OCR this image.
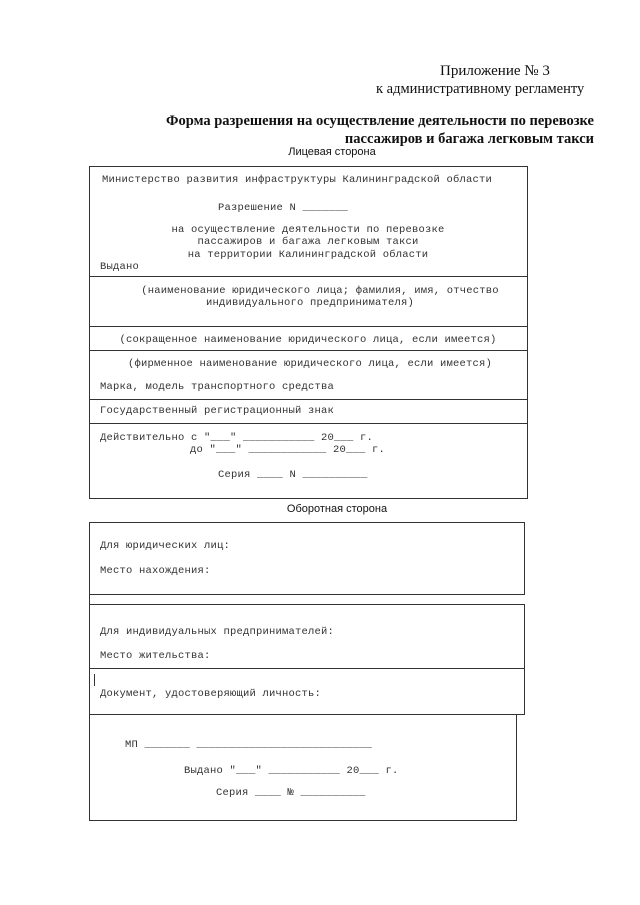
Приложение № 3
к административному регламенту
Форма разрешения на осуществление деятельности по перевозке
пассажиров и багажа легковым такси
Лицевая сторона
Министерство развития инфраструктуры Калининградской области
Разрешение N _______
на осуществление деятельности по перевозке
пассажиров и багажа легковым такси
на территории Калининградской области
Выдано
(наименование юридического лица; фамилия, имя, отчество
индивидуального предпринимателя)
(сокращенное наименование юридического лица, если имеется)
(фирменное наименование юридического лица, если имеется)
Марка, модель транспортного средства
Государственный регистрационный знак
Действительно с "___" ___________ 20___ г.
до "___" ____________ 20___ г.
Серия ____ N __________
Оборотная сторона
Для юридических лиц:
Место нахождения:
Для индивидуальных предпринимателей:
Место жительства:
Документ, удостоверяющий личность:
МП _______ ___________________________
Выдано "___" ___________ 20___ г.
Серия ____ № __________
